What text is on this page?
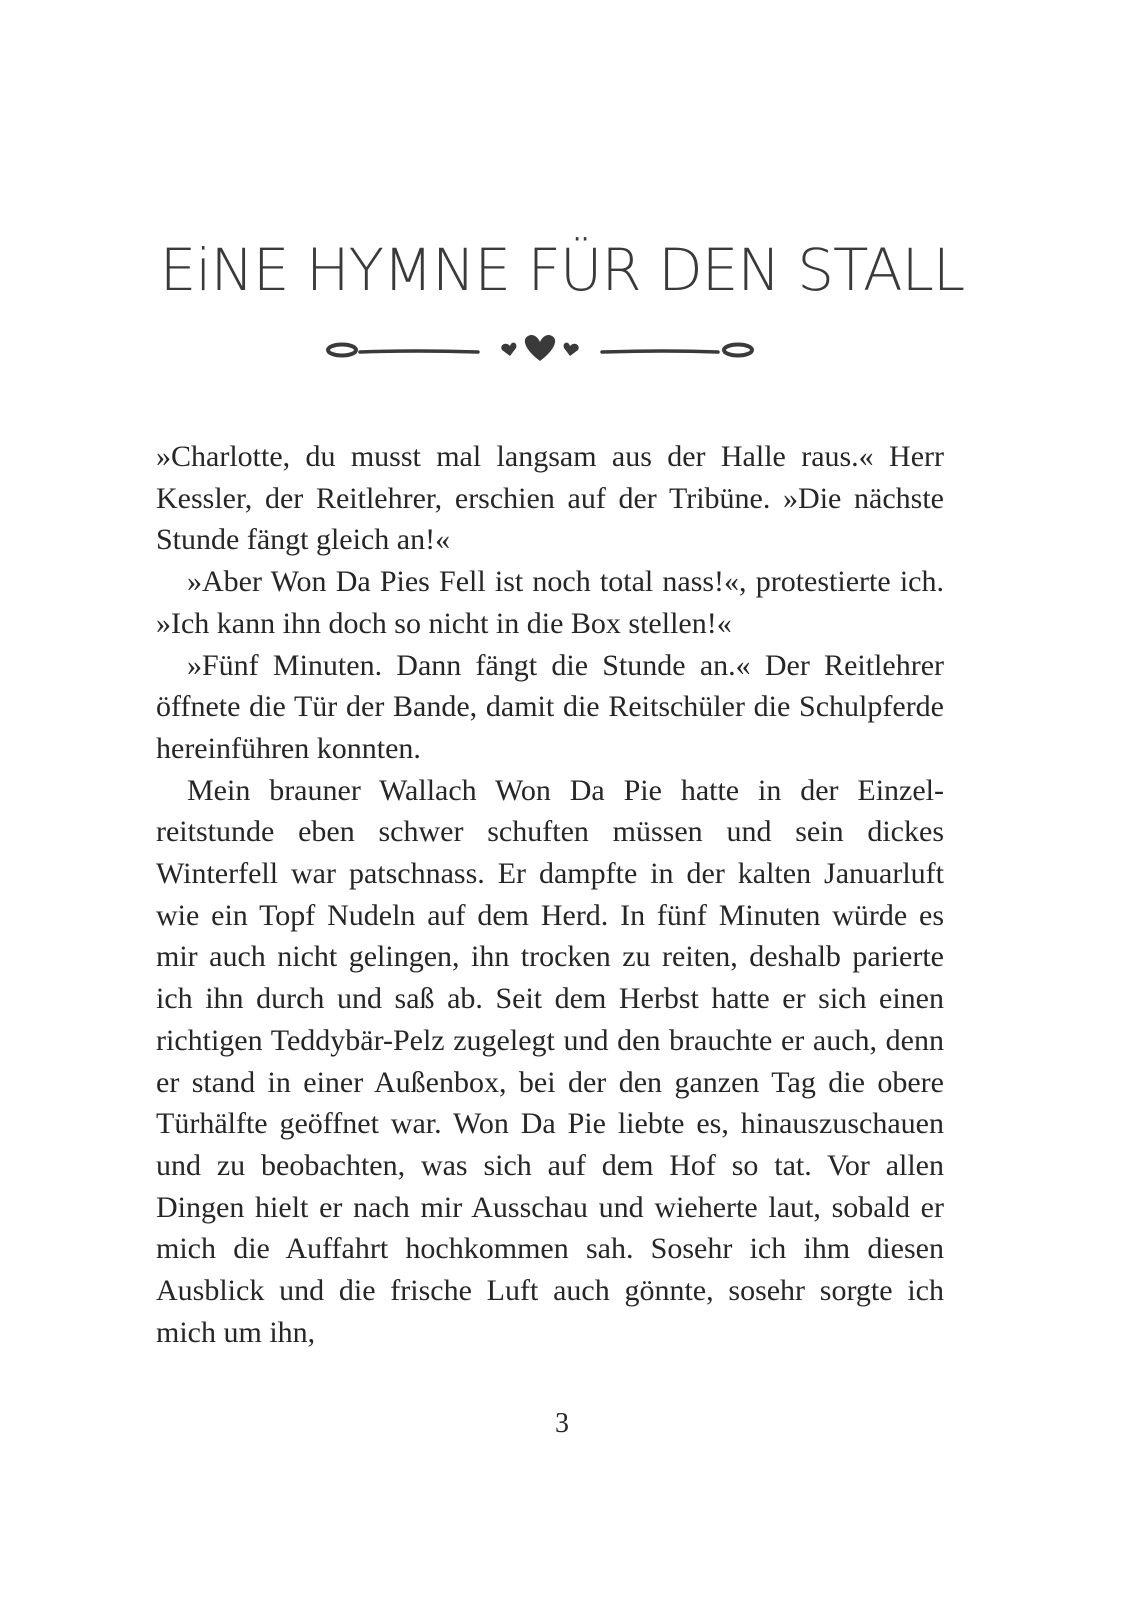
EiNE HYMNE FÜR DEN STALL

»Charlotte, du musst mal langsam aus der Halle raus.« Herr Kessler, der Reitlehrer, erschien auf der Tribüne. »Die nächste Stunde fängt gleich an!«

»Aber Won Da Pies Fell ist noch total nass!«, protestierte ich. »Ich kann ihn doch so nicht in die Box stellen!«

»Fünf Minuten. Dann fängt die Stunde an.« Der Reitlehrer öffnete die Tür der Bande, damit die Reitschüler die Schulpferde hereinführen konnten.

Mein brauner Wallach Won Da Pie hatte in der Einzelreitstunde eben schwer schuften müssen und sein dickes Winterfell war patschnass. Er dampfte in der kalten Januarluft wie ein Topf Nudeln auf dem Herd. In fünf Minuten würde es mir auch nicht gelingen, ihn trocken zu reiten, deshalb parierte ich ihn durch und saß ab. Seit dem Herbst hatte er sich einen richtigen Teddybär-Pelz zugelegt und den brauchte er auch, denn er stand in einer Außenbox, bei der den ganzen Tag die obere Türhälfte geöffnet war. Won Da Pie liebte es, hinauszuschauen und zu beobachten, was sich auf dem Hof so tat. Vor allen Dingen hielt er nach mir Ausschau und wieherte laut, sobald er mich die Auffahrt hochkommen sah. Sosehr ich ihm diesen Ausblick und die frische Luft auch gönnte, sosehr sorgte ich mich um ihn,

3
